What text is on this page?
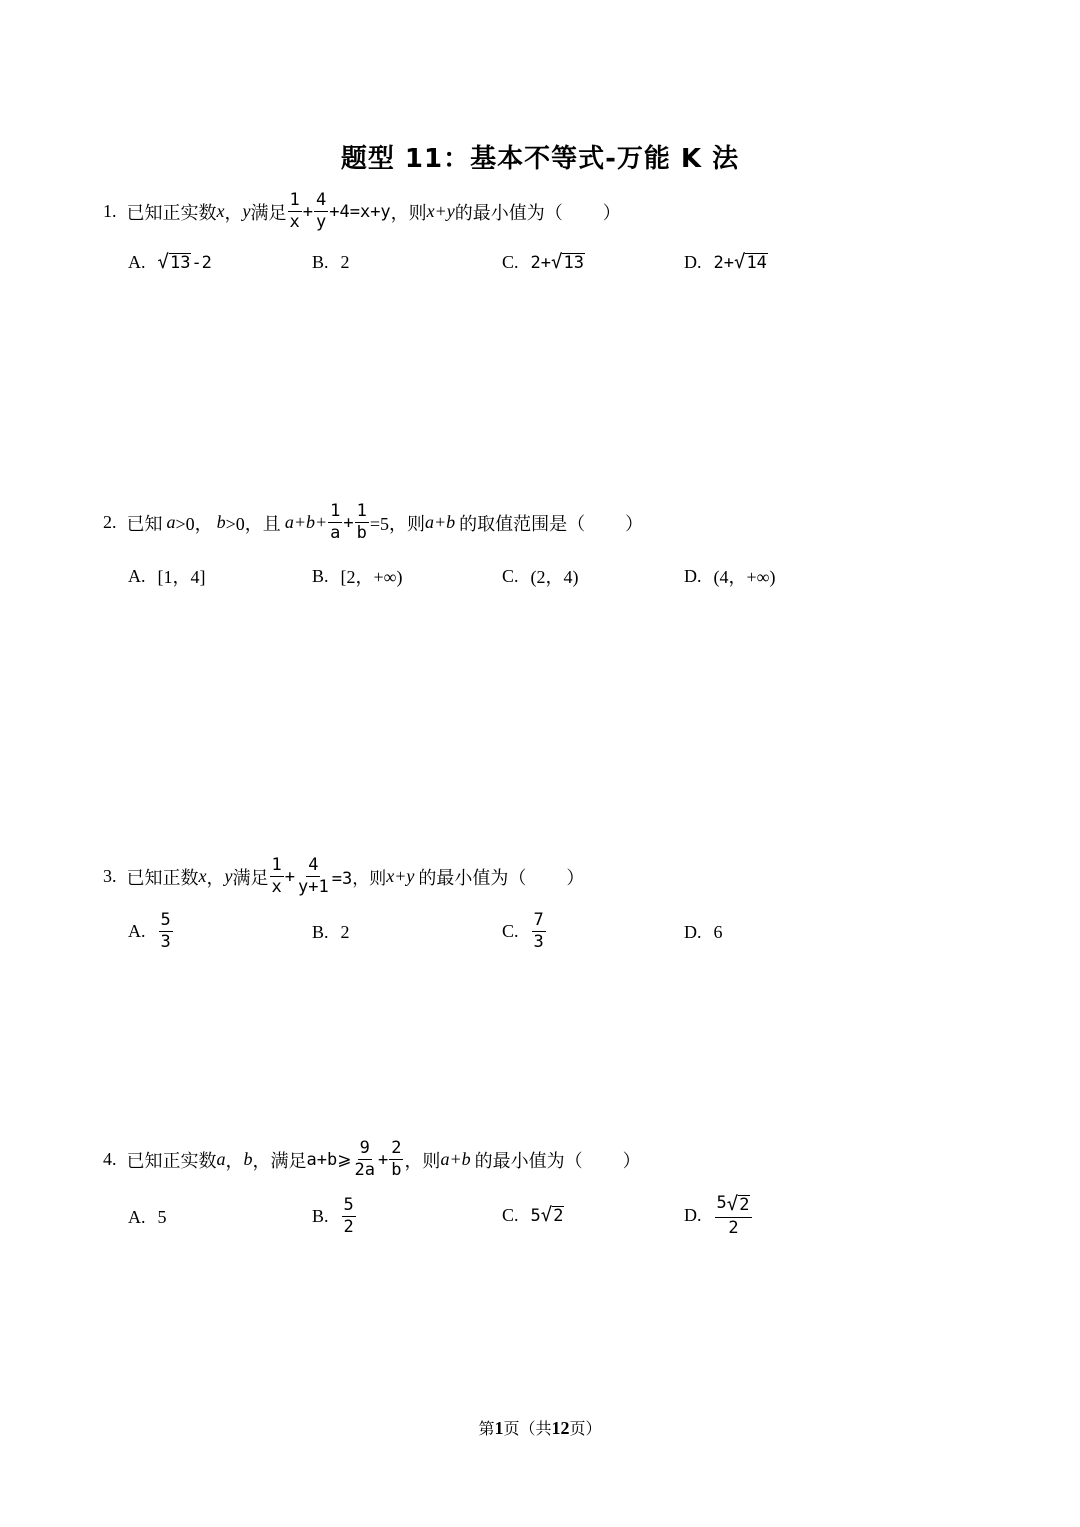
题型 11：基本不等式-万能 K 法
1. 已知正实数 x ， y 满足 $\frac{1}{x} + \frac{4}{y} +4=x+y$ ，则 x+y 的最小值为（ ）
A. √ 13 -2	B. 2	C. 2+ √ 13	D. 2+ √ 14
2. 已知 a >0， b >0，且 $a+b+ \frac{1}{a} + \frac{1}{b} =5$，则 a+b 的取值范围是（ ）
A. [1，4]	B. [2，+∞)	C. (2，4)	D. (4，+∞)
3. 已知正数 x ， y 满足 $\frac{1}{x} + \frac{4}{y+1} =3$，则 x+y 的最小值为（ ）
A. $\frac{5}{3}$	B. 2	C. $\frac{7}{3}$	D. 6
4. 已知正实数 a ， b ，满足 a+b⩾ $\frac{9}{2a} + \frac{2}{b}$ ，则 a+b 的最小值为（ ）
A. 5	B. $\frac{5}{2}$	C. 5 √ 2	D. $\frac{5 √ 2}{2}$
第1页（共12页）
